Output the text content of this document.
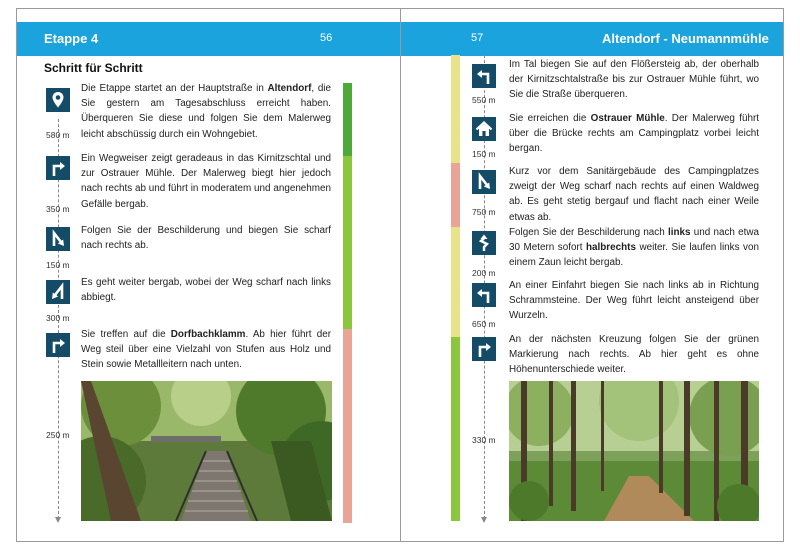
Etappe 4	56
Schritt für Schritt
Die Etappe startet an der Hauptstraße in Altendorf, die Sie gestern am Tagesabschluss erreicht haben. Überqueren Sie diese und folgen Sie dem Malerweg leicht abschüssig durch ein Wohngebiet.
580 m
Ein Wegweiser zeigt geradeaus in das Kirnitzschtal und zur Ostrauer Mühle. Der Malerweg biegt hier jedoch nach rechts ab und führt in moderatem und angenehmen Gefälle bergab.
350 m
Folgen Sie der Beschilderung und biegen Sie scharf nach rechts ab.
150 m
Es geht weiter bergab, wobei der Weg scharf nach links abbiegt.
300 m
Sie treffen auf die Dorfbachklamm. Ab hier führt der Weg steil über eine Vielzahl von Stufen aus Holz und Stein sowie Metallleitern nach unten.
250 m
57	Altendorf - Neumannmühle
Im Tal biegen Sie auf den Flößersteig ab, der oberhalb der Kirnitzschtalstraße bis zur Ostrauer Mühle führt, wo Sie die Straße überqueren.
550 m
Sie erreichen die Ostrauer Mühle. Der Malerweg führt über die Brücke rechts am Campingplatz vorbei leicht bergan.
150 m
Kurz vor dem Sanitärgebäude des Campingplatzes zweigt der Weg scharf nach rechts auf einen Waldweg ab. Es geht stetig bergauf und flacht nach einer Weile etwas ab.
750 m
Folgen Sie der Beschilderung nach links und nach etwa 30 Metern sofort halbrechts weiter. Sie laufen links von einem Zaun leicht bergab.
200 m
An einer Einfahrt biegen Sie nach links ab in Richtung Schrammsteine. Der Weg führt leicht ansteigend über Wurzeln.
650 m
An der nächsten Kreuzung folgen Sie der grünen Markierung nach rechts. Ab hier geht es ohne Höhenunterschiede weiter.
330 m
